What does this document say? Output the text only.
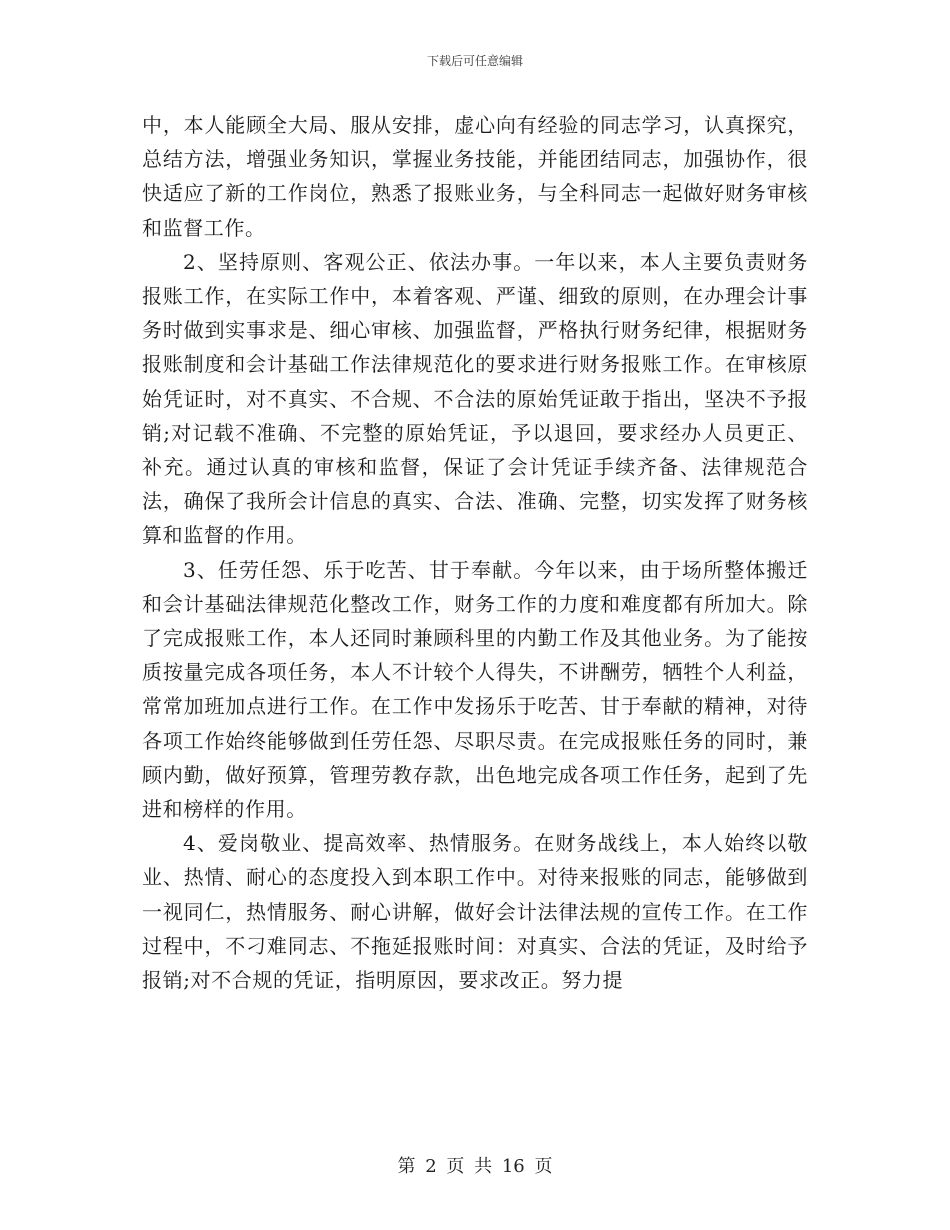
下载后可任意编辑

中，本人能顾全大局、服从安排，虚心向有经验的同志学习，认真探究，总结方法，增强业务知识，掌握业务技能，并能团结同志，加强协作，很快适应了新的工作岗位，熟悉了报账业务，与全科同志一起做好财务审核和监督工作。

2、坚持原则、客观公正、依法办事。一年以来，本人主要负责财务报账工作，在实际工作中，本着客观、严谨、细致的原则，在办理会计事务时做到实事求是、细心审核、加强监督，严格执行财务纪律，根据财务报账制度和会计基础工作法律规范化的要求进行财务报账工作。在审核原始凭证时，对不真实、不合规、不合法的原始凭证敢于指出，坚决不予报销;对记载不准确、不完整的原始凭证，予以退回，要求经办人员更正、补充。通过认真的审核和监督，保证了会计凭证手续齐备、法律规范合法，确保了我所会计信息的真实、合法、准确、完整，切实发挥了财务核算和监督的作用。

3、任劳任怨、乐于吃苦、甘于奉献。今年以来，由于场所整体搬迁和会计基础法律规范化整改工作，财务工作的力度和难度都有所加大。除了完成报账工作，本人还同时兼顾科里的内勤工作及其他业务。为了能按质按量完成各项任务，本人不计较个人得失，不讲酬劳，牺牲个人利益，常常加班加点进行工作。在工作中发扬乐于吃苦、甘于奉献的精神，对待各项工作始终能够做到任劳任怨、尽职尽责。在完成报账任务的同时，兼顾内勤，做好预算，管理劳教存款，出色地完成各项工作任务，起到了先进和榜样的作用。

4、爱岗敬业、提高效率、热情服务。在财务战线上，本人始终以敬业、热情、耐心的态度投入到本职工作中。对待来报账的同志，能够做到一视同仁，热情服务、耐心讲解，做好会计法律法规的宣传工作。在工作过程中，不刁难同志、不拖延报账时间：对真实、合法的凭证，及时给予报销;对不合规的凭证，指明原因，要求改正。努力提

第 2 页 共 16 页
